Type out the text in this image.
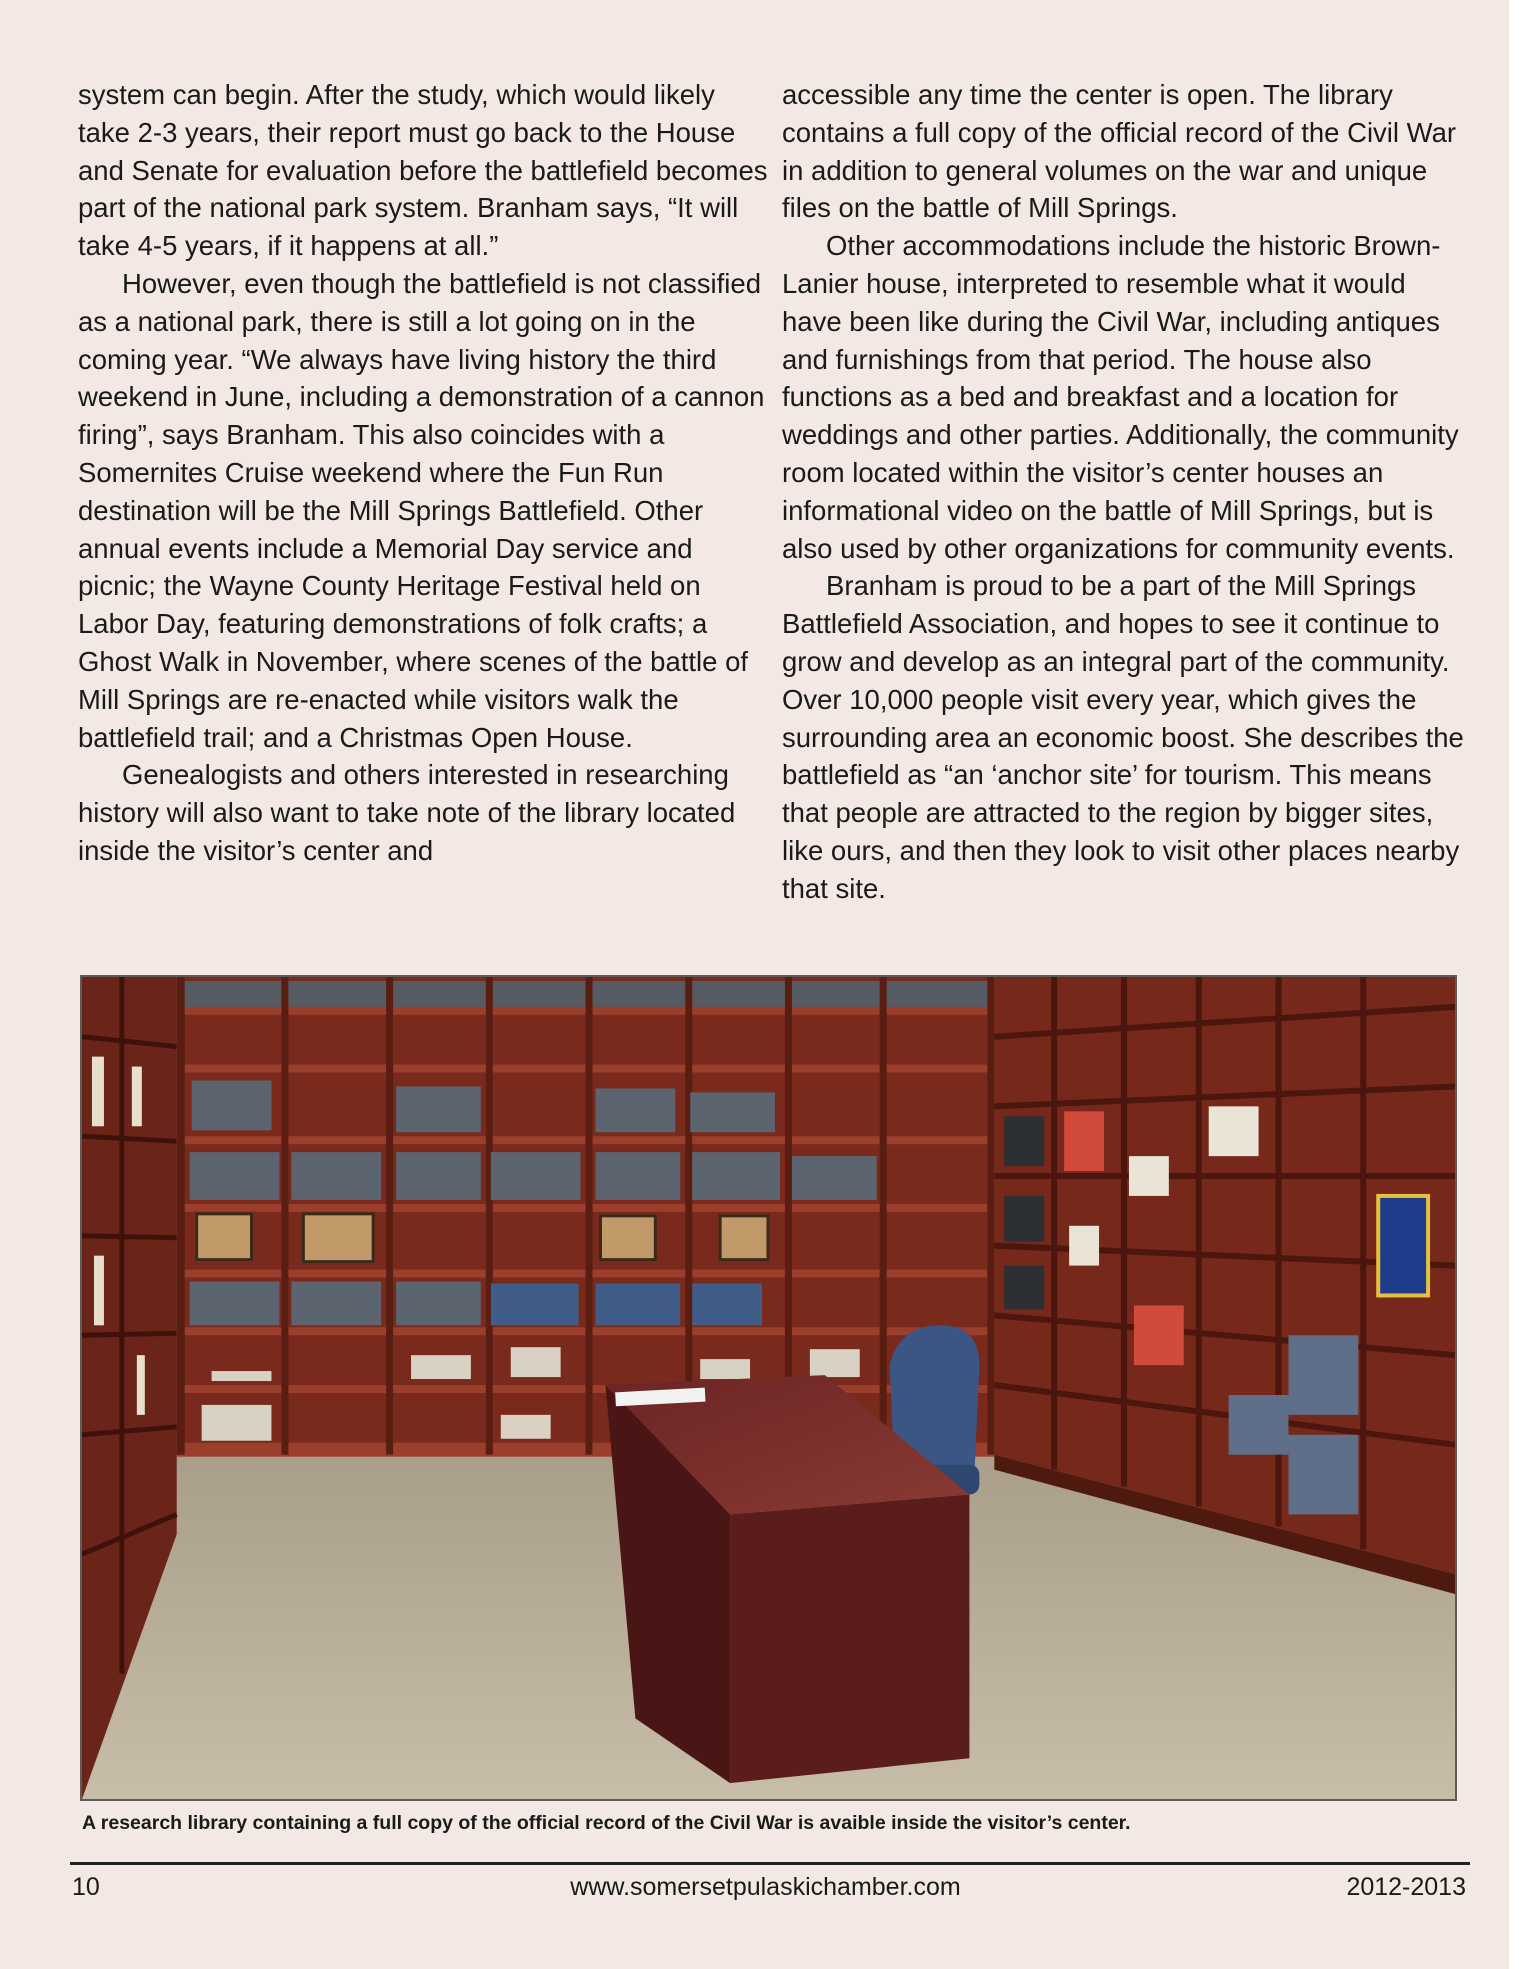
system can begin. After the study, which would likely take 2-3 years, their report must go back to the House and Senate for evaluation before the battlefield becomes part of the national park system. Branham says, “It will take 4-5 years, if it happens at all.”

However, even though the battlefield is not classified as a national park, there is still a lot going on in the coming year. “We always have living history the third weekend in June, including a demonstration of a cannon firing”, says Branham. This also coincides with a Somernites Cruise weekend where the Fun Run destination will be the Mill Springs Battlefield. Other annual events include a Memorial Day service and picnic; the Wayne County Heritage Festival held on Labor Day, featuring demonstrations of folk crafts; a Ghost Walk in November, where scenes of the battle of Mill Springs are re-enacted while visitors walk the battlefield trail; and a Christmas Open House.

Genealogists and others interested in researching history will also want to take note of the library located inside the visitor’s center and

accessible any time the center is open. The library contains a full copy of the official record of the Civil War in addition to general volumes on the war and unique files on the battle of Mill Springs.

Other accommodations include the historic Brown-Lanier house, interpreted to resemble what it would have been like during the Civil War, including antiques and furnishings from that period. The house also functions as a bed and breakfast and a location for weddings and other parties. Additionally, the community room located within the visitor’s center houses an informational video on the battle of Mill Springs, but is also used by other organizations for community events.

Branham is proud to be a part of the Mill Springs Battlefield Association, and hopes to see it continue to grow and develop as an integral part of the community. Over 10,000 people visit every year, which gives the surrounding area an economic boost. She describes the battlefield as “an ‘anchor site’ for tourism. This means that people are attracted to the region by bigger sites, like ours, and then they look to visit other places nearby that site.

A research library containing a full copy of the official record of the Civil War is avaible inside the visitor’s center.

10	www.somersetpulaskichamber.com	2012-2013
